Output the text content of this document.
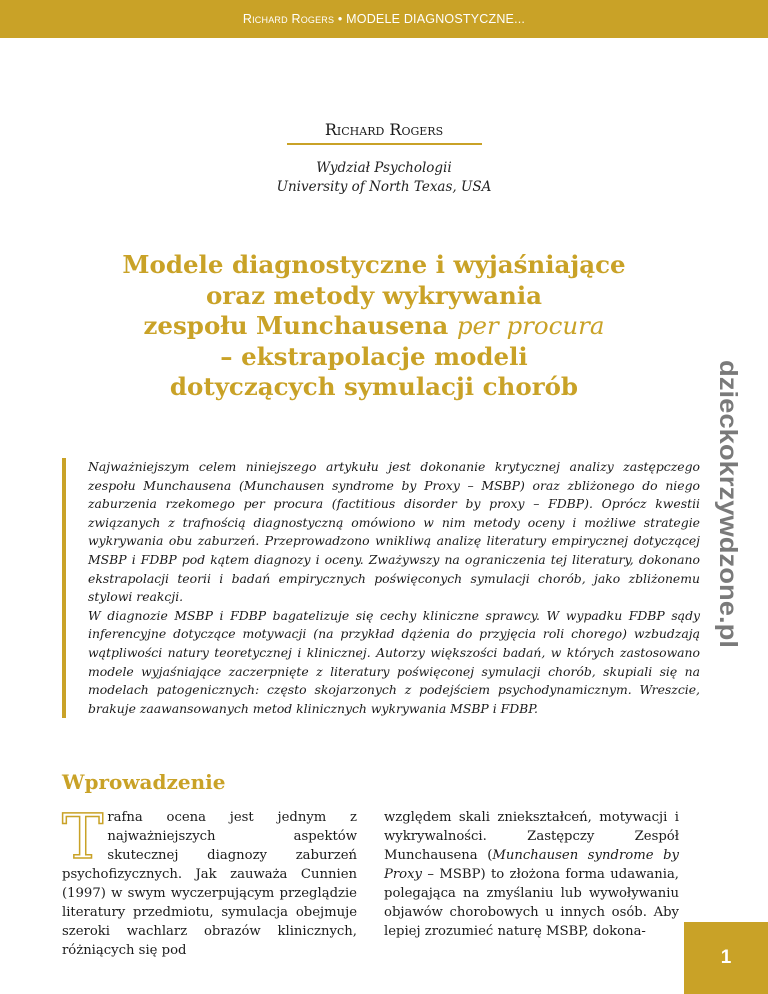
Richard Rogers • MODELE DIAGNOSTYCZNE...
Richard Rogers
Wydział Psychologii
University of North Texas, USA
Modele diagnostyczne i wyjaśniające
oraz metody wykrywania
zespołu Munchausena per procura
– ekstrapolacje modeli
dotyczących symulacji chorób	dzieckokrzywdzone.pl

Najważniejszym celem niniejszego artykułu jest dokonanie krytycznej analizy zastępczego zespołu Munchausena (Munchausen syndrome by Proxy – MSBP) oraz zbliżonego do niego zaburzenia rzekomego per procura (factitious disorder by proxy – FDBP). Oprócz kwestii związanych z trafnością diagnostyczną omówiono w nim metody oceny i możliwe strategie wykrywania obu zaburzeń. Przeprowadzono wnikliwą analizę literatury empirycznej dotyczącej MSBP i FDBP pod kątem diagnozy i oceny. Zważywszy na ograniczenia tej literatury, dokonano ekstrapolacji teorii i badań empirycznych poświęconych symulacji chorób, jako zbliżonemu stylowi reakcji.

W diagnozie MSBP i FDBP bagatelizuje się cechy kliniczne sprawcy. W wypadku FDBP sądy inferencyjne dotyczące motywacji (na przykład dążenia do przyjęcia roli chorego) wzbudzają wątpliwości natury teoretycznej i klinicznej. Autorzy większości badań, w których zastosowano modele wyjaśniające zaczerpnięte z literatury poświęconej symulacji chorób, skupiali się na modelach patogenicznych: często skojarzonych z podejściem psychodynamicznym. Wreszcie, brakuje zaawansowanych metod klinicznych wykrywania MSBP i FDBP.

Wprowadzenie
Trafna ocena jest jednym z najważniejszych aspektów skutecznej diagnozy zaburzeń psychofizycznych. Jak zauważa Cunnien (1997) w swym wyczerpującym przeglądzie literatury przedmiotu, symulacja obejmuje szeroki wachlarz obrazów klinicznych, różniących się pod
względem skali zniekształceń, motywacji i wykrywalności. Zastępczy Zespół Munchausena (Munchausen syndrome by Proxy – MSBP) to złożona forma udawania, polegająca na zmyślaniu lub wywoływaniu objawów chorobowych u innych osób. Aby lepiej zrozumieć naturę MSBP, dokona-
1
